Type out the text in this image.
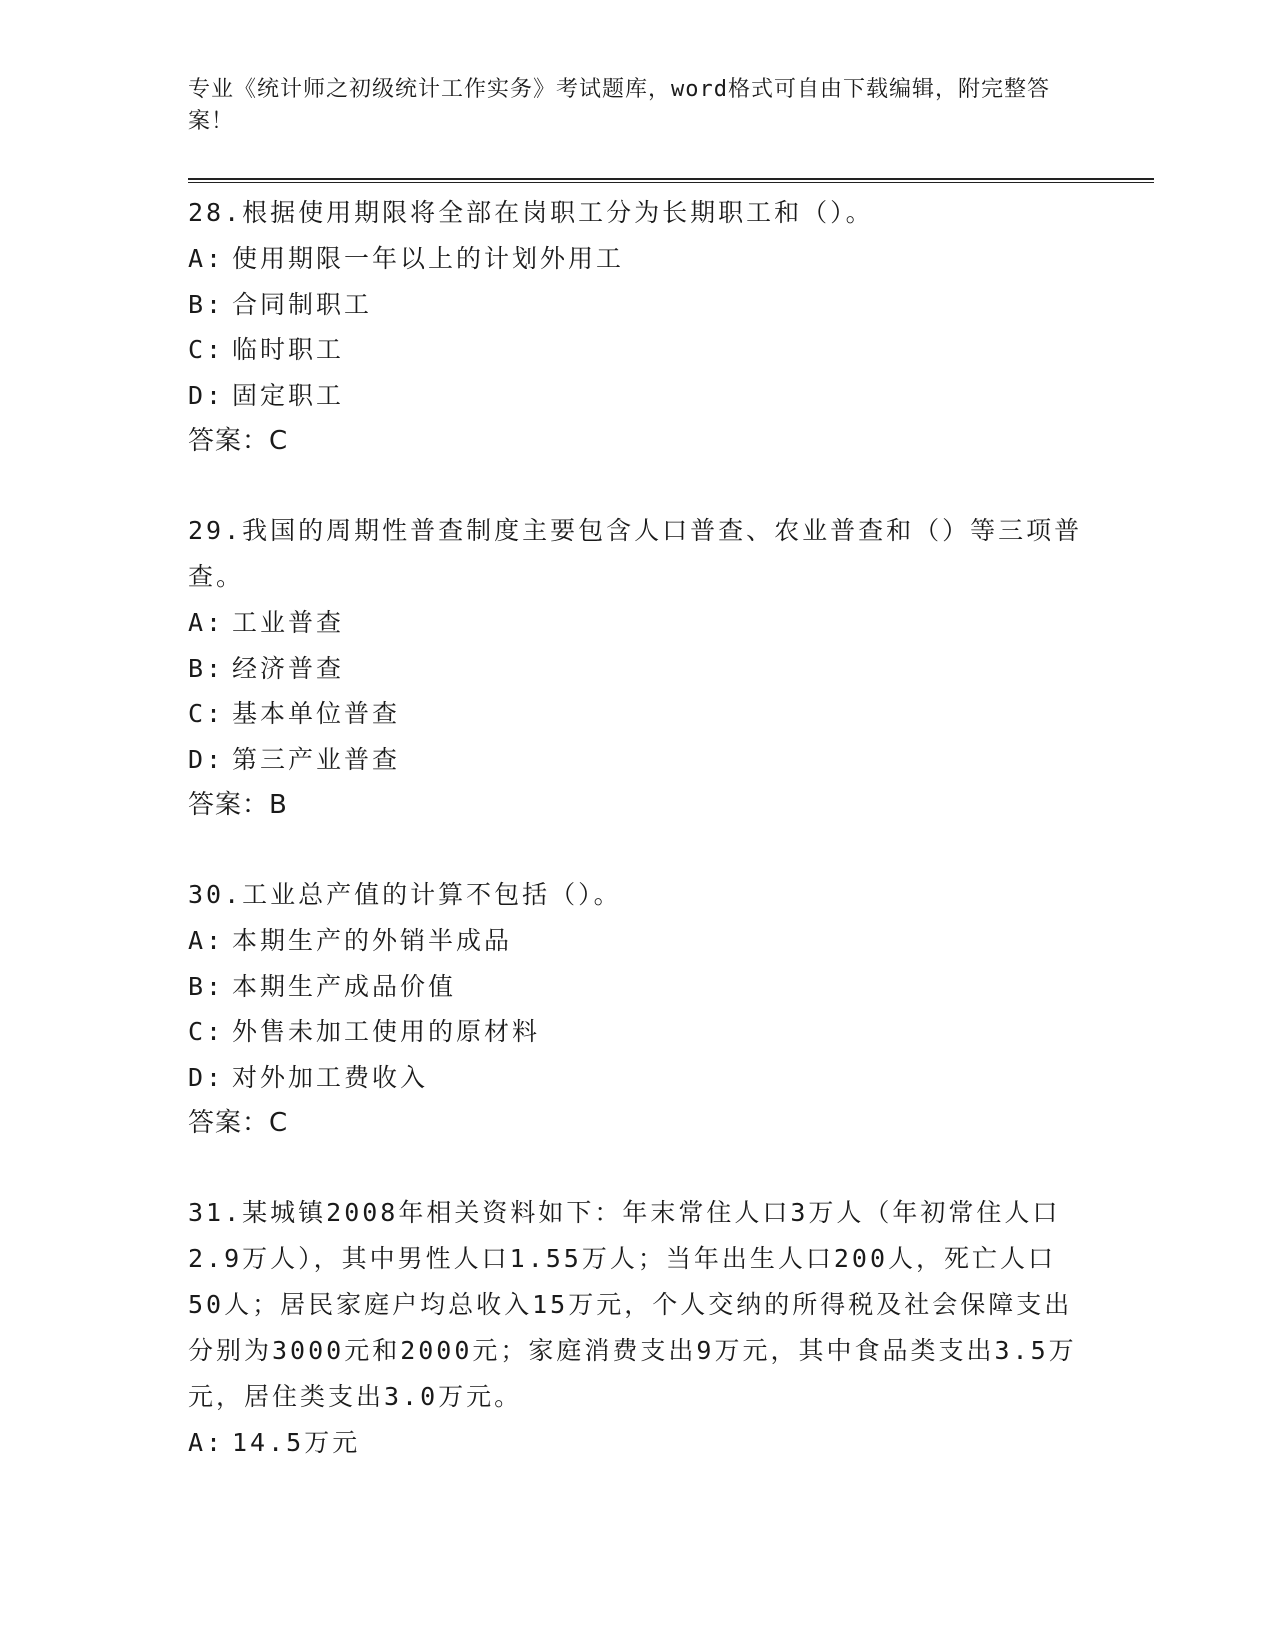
专业《统计师之初级统计工作实务》考试题库，word格式可自由下载编辑，附完整答案！

28.根据使用期限将全部在岗职工分为长期职工和（）。

A: 使用期限一年以上的计划外用工

B: 合同制职工

C: 临时职工

D: 固定职工

答案：C

29.我国的周期性普查制度主要包含人口普查、农业普查和（）等三项普查。

A: 工业普查

B: 经济普查

C: 基本单位普查

D: 第三产业普查

答案：B

30.工业总产值的计算不包括（）。

A: 本期生产的外销半成品

B: 本期生产成品价值

C: 外售未加工使用的原材料

D: 对外加工费收入

答案：C

31.某城镇2008年相关资料如下：年末常住人口3万人（年初常住人口2.9万人），其中男性人口1.55万人；当年出生人口200人，死亡人口50人；居民家庭户均总收入15万元，个人交纳的所得税及社会保障支出分别为3000元和2000元；家庭消费支出9万元，其中食品类支出3.5万元，居住类支出3.0万元。

A: 14.5万元
